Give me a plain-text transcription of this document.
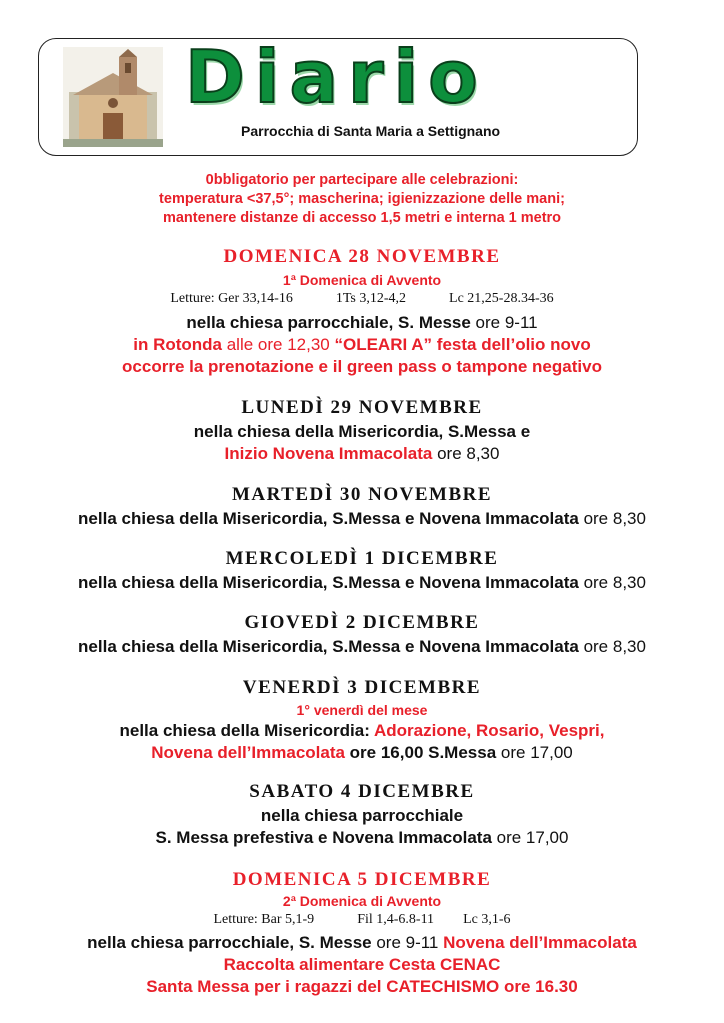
Diario
Parrocchia di Santa Maria a Settignano
0bbligatorio per partecipare alle celebrazioni:
temperatura <37,5°; mascherina; igienizzazione delle mani;
mantenere distanze di accesso 1,5 metri e interna 1 metro
DOMENICA 28 NOVEMBRE
1ª Domenica di Avvento
Letture: Ger 33,14-16	1Ts 3,12-4,2	Lc 21,25-28.34-36
nella chiesa parrocchiale, S. Messe ore 9-11
in Rotonda alle ore 12,30 “OLEARI A” festa dell’olio novo
occorre la prenotazione e il green pass o tampone negativo
LUNEDÌ 29 NOVEMBRE
nella chiesa della Misericordia, S.Messa e
Inizio Novena Immacolata ore 8,30
MARTEDÌ 30 NOVEMBRE
nella chiesa della Misericordia, S.Messa e Novena Immacolata ore 8,30
MERCOLEDÌ 1 DICEMBRE
nella chiesa della Misericordia, S.Messa e Novena Immacolata ore 8,30
GIOVEDÌ 2 DICEMBRE
nella chiesa della Misericordia, S.Messa e Novena Immacolata ore 8,30
VENERDÌ 3 DICEMBRE
1° venerdì del mese
nella chiesa della Misericordia: Adorazione, Rosario, Vespri,
Novena dell’Immacolata ore 16,00 S.Messa ore 17,00
SABATO 4 DICEMBRE
nella chiesa parrocchiale
S. Messa prefestiva e Novena Immacolata ore 17,00
DOMENICA 5 DICEMBRE
2ª Domenica di Avvento
Letture: Bar 5,1-9	Fil 1,4-6.8-11 Lc 3,1-6
nella chiesa parrocchiale, S. Messe ore 9-11 Novena dell’Immacolata
Raccolta alimentare Cesta CENAC
Santa Messa per i ragazzi del CATECHISMO ore 16.30
